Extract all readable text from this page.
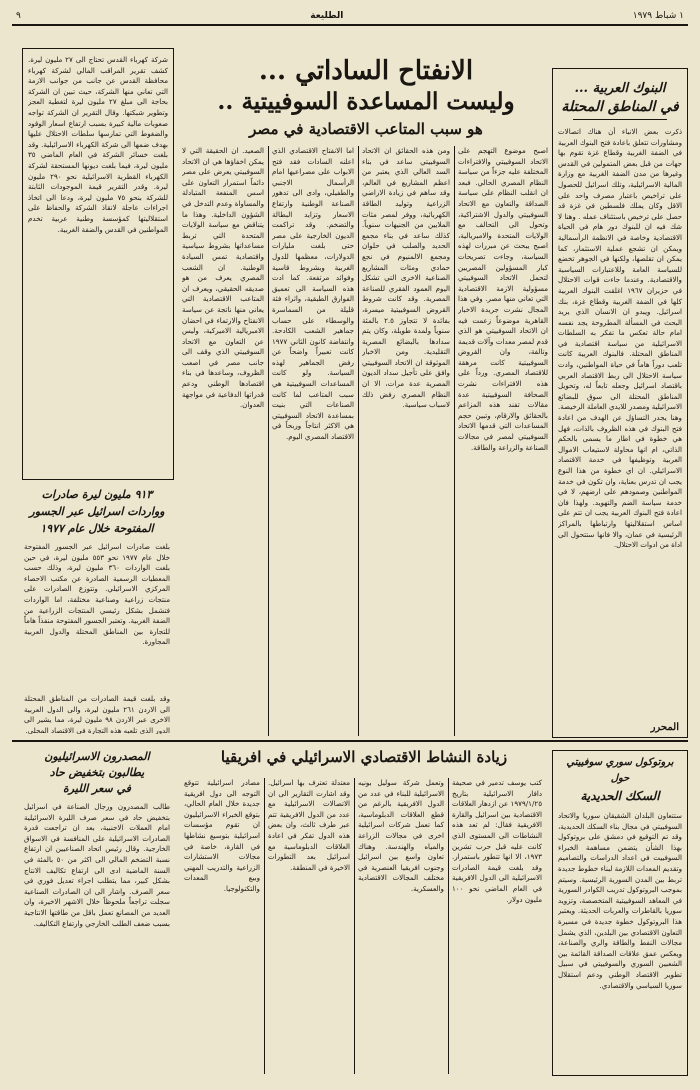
١ شباط ١٩٧٩
الطليعة
٩
البنوك العربية ...
في المناطق المحتلة
ذكرت بعض الانباء أن هناك اتصالات ومشاورات تتعلق باعادة فتح البنوك العربية في الضفة الغربية وقطاع غزة تقوم بها جهات من قبل بعض المتمولين في القدس وغيرها من مدن الضفة الغربية مع وزارة المالية الاسرائيلية، وتلك اسرائيل للحصول على تراخيص باعتبار مصرف واحد على الاقل وكان يملك فلسطين في غزة قد حصل على ترخيص باستئناف عمله . وهنا لا شك فيه ان للبنوك دور هام في الحياة الاقتصادية وخاصة في الانظمة الرأسمالية ويمكن ان تشجع عملية الاستثمار، كما يمكن ان تقلصها، ولكنها في الجوهر تخضع للسياسة العامة وللاعتبارات السياسية والاقتصادية. وعندما جاءت قوات الاحتلال في حزيران ١٩٦٧ اغلقت البنوك العربية كلها في الضفة الغربية وقطاع غزة، بنك اسرائيل. ويبدو ان الانسان الذي يريد البحث في المسألة المطروحة يجد نفسه امام حالة تعكس ما تفكر به السلطات الاسرائيلية من سياسة اقتصادية في المناطق المحتلة. فالبنوك العربية كانت تلعب دوراً هاماً في حياة المواطنين، وادت سياسة الاحتلال الى ربط الاقتصاد العربي باقتصاد اسرائيل وجعله تابعاً له، وتحويل المناطق المحتلة الى سوق للبضائع الاسرائيلية ومصدر للايدي العاملة الرخيصة. وهنا يجدر التساؤل عن الهدف من اعادة فتح البنوك في هذه الظروف بالذات، فهل هي خطوة في اطار ما يسمى بالحكم الذاتي، ام انها محاولة لاستيعاب الاموال العربية وتوظيفها في خدمة الاقتصاد الاسرائيلي. ان اي خطوة من هذا النوع يجب ان تدرس بعناية، وان تكون في خدمة المواطنين وصمودهم على ارضهم، لا في خدمة سياسة الضم والتهويد. ولهذا فان اعادة فتح البنوك العربية يجب ان تتم على اساس استقلاليتها وارتباطها بالمراكز الرئيسية في عمان، والا فانها ستتحول الى اداة من ادوات الاحتلال.
المحرر
الانفتاح الساداتي ...
وليست المساعدة السوفييتية ..
هو سبب المتاعب الاقتصادية في مصر
اصبح موضوع التهجم على الاتحاد السوفييتي والافتراءات المختلفة عليه جزءاً من سياسة النظام المصري الحالي. فبعد ان انقلب النظام على سياسة الصداقة والتعاون مع الاتحاد السوفييتي والدول الاشتراكية، وتحول الى التحالف مع الولايات المتحدة والامبريالية، اصبح يبحث عن مبررات لهذه السياسة، وجاءت تصريحات كبار المسؤولين المصريين لتحمل الاتحاد السوفييتي مسؤولية الازمة الاقتصادية التي تعاني منها مصر. وفي هذا المجال نشرت جريدة الاخبار القاهرية موضوعاً زعمت فيه ان الاتحاد السوفييتي هو الذي قدم لمصر معدات وآلات قديمة وتالفة، وان القروض السوفييتية كانت مرهقة للاقتصاد المصري. ورداً على هذه الافتراءات نشرت الصحافة السوفييتية عدة مقالات تفند هذه المزاعم بالحقائق والارقام، وتبين حجم المساعدات التي قدمها الاتحاد السوفييتي لمصر في مجالات الصناعة والزراعة والطاقة.
ومن هذه الحقائق ان الاتحاد السوفييتي ساعد في بناء السد العالي الذي يعتبر من اعظم المشاريع في العالم، وقد ساهم في زيادة الاراضي الزراعية وتوليد الطاقة الكهربائية، ووفر لمصر مئات الملايين من الجنيهات سنوياً. كذلك ساعد في بناء مجمع الحديد والصلب في حلوان ومجمع الالمنيوم في نجع حمادي ومئات المشاريع الصناعية الاخرى التي تشكل اليوم العمود الفقري للصناعة المصرية. وقد كانت شروط القروض السوفييتية ميسرة، بفائدة لا تتجاوز ٢.٥ بالمئة سنوياً ولمدة طويلة، وكان يتم سدادها بالبضائع المصرية التقليدية. ومن الاخبار الموثوقة ان الاتحاد السوفييتي وافق على تأجيل سداد الديون المصرية عدة مرات، الا ان النظام المصري رفض ذلك لاسباب سياسية.
اما الانفتاح الاقتصادي الذي اعلنه السادات فقد فتح الابواب على مصراعيها امام الرأسمال الاجنبي والطفيلي، وادى الى تدهور الصناعة الوطنية وارتفاع الاسعار وتزايد البطالة والتضخم. وقد تراكمت الديون الخارجية على مصر حتى بلغت مليارات الدولارات، معظمها للدول الغربية وبشروط قاسية وفوائد مرتفعة. كما ادت هذه السياسة الى تعميق الفوارق الطبقية، واثراء فئة قليلة من السماسرة والوسطاء على حساب جماهير الشعب الكادحة. وانتفاضة كانون الثاني ١٩٧٧ كانت تعبيراً واضحاً عن رفض الجماهير لهذه السياسة. ولو كانت المساعدات السوفييتية هي سبب المتاعب لما كانت الصناعات التي بنيت بمساعدة الاتحاد السوفييتي هي الاكثر انتاجاً وربحاً في الاقتصاد المصري اليوم.
الصعيد. ان الحقيقة التي لا يمكن اخفاؤها هي ان الاتحاد السوفييتي يعرض على مصر دائماً استمرار التعاون على اسس المنفعة المتبادلة والمساواة وعدم التدخل في الشؤون الداخلية. وهذا ما يتناقض مع سياسة الولايات المتحدة التي تربط مساعداتها بشروط سياسية واقتصادية تمس السيادة الوطنية. ان الشعب المصري يعرف من هو صديقه الحقيقي، ويعرف ان المتاعب الاقتصادية التي يعاني منها ناتجة عن سياسة الانفتاح والارتماء في احضان الامبريالية الاميركية، وليس عن التعاون مع الاتحاد السوفييتي الذي وقف الى جانب مصر في اصعب الظروف، وساعدها في بناء اقتصادها الوطني ودعم قدراتها الدفاعية في مواجهة العدوان.
شركة كهرباء القدس تحتاج الى ٢٧ مليون ليرة. كشف تقرير المراقب المالي لشركة كهرباء محافظة القدس عن جانب من جوانب الازمة التي تعاني منها الشركة، حيث تبين ان الشركة بحاجة الى مبلغ ٢٧ مليون ليرة لتغطية العجز وتطوير شبكتها. وقال التقرير ان الشركة تواجه صعوبات مالية كبيرة بسبب ارتفاع اسعار الوقود والضغوط التي تمارسها سلطات الاحتلال عليها بهدف ضمها الى شركة الكهرباء الاسرائيلية. وقد بلغت خسائر الشركة في العام الماضي ٣٥ مليون ليرة، فيما بلغت ديونها المستحقة لشركة الكهرباء القطرية الاسرائيلية نحو ٢٩٠ مليون ليرة. وقدر التقرير قيمة الموجودات الثابتة للشركة بنحو ٧٥ مليون ليرة، ودعا الى اتخاذ اجراءات عاجلة لانقاذ الشركة والحفاظ على استقلاليتها كمؤسسة وطنية عربية تخدم المواطنين في القدس والضفة الغربية.
٩١٣ مليون ليرة صادرات
وواردات اسرائيل عبر الجسور
المفتوحة خلال عام ١٩٧٧
بلغت صادرات اسرائيل عبر الجسور المفتوحة خلال عام ١٩٧٧ نحو ٥٥٣ مليون ليرة، في حين بلغت الواردات ٣٦٠ مليون ليرة، وذلك حسب المعطيات الرسمية الصادرة عن مكتب الاحصاء المركزي الاسرائيلي. وتتوزع الصادرات على منتجات زراعية وصناعية مختلفة، اما الواردات فتشمل بشكل رئيسي المنتجات الزراعية من الضفة الغربية. وتعتبر الجسور المفتوحة منفذاً هاماً للتجارة بين المناطق المحتلة والدول العربية المجاورة.
وقد بلغت قيمة الصادرات من المناطق المحتلة الى الاردن ٢٦١ مليون ليرة، والى الدول العربية الاخرى عبر الاردن ٩٨ مليون ليرة، مما يشير الى الدور الذي تلعبه هذه التجارة في الاقتصاد المحلي.
زيادة النشاط الاقتصادي الاسرائيلي في افريقيا
كتب يوسف تدمير في صحيفة دافار الاسرائيلية بتاريخ ١٩٧٩/١/٢٥ عن ازدهار العلاقات الاقتصادية بين اسرائيل والقارة الافريقية فقال: لم تعد هذه النشاطات الى المستوى الذي كانت عليه قبل حرب تشرين ١٩٧٣، الا انها تتطور باستمرار. وقد بلغت قيمة الصادرات الاسرائيلية الى الدول الافريقية في العام الماضي نحو ١٠٠ مليون دولار.
وتعمل شركة سوليل بونيه الاسرائيلية للبناء في عدد من الدول الافريقية بالرغم من قطع العلاقات الدبلوماسية، كما تعمل شركات اسرائيلية اخرى في مجالات الزراعة والمياه والهندسة. وهناك تعاون واسع بين اسرائيل وجنوب افريقيا العنصرية في مختلف المجالات الاقتصادية والعسكرية.
معتدلة تعترف بها اسرائيل. وقد اشارت التقارير الى ان الاتصالات الاسرائيلية مع عدد من الدول الافريقية تتم عبر طرف ثالث، وان بعض هذه الدول تفكر في اعادة العلاقات الدبلوماسية مع اسرائيل بعد التطورات الاخيرة في المنطقة.
مصادر اسرائيلية تتوقع التوجه الى دول افريقية جديدة خلال العام الحالي، بتوقع الخبراء الاسرائيليون ان تقوم مؤسسات اسرائيلية بتوسيع نشاطها في القارة، خاصة في مجالات الاستشارات الزراعية والتدريب المهني وبيع المعدات والتكنولوجيا.
المصدرون الاسرائيليون
يطالبون بتخفيض حاد
في سعر الليرة
طالب المصدرون ورجال الصناعة في اسرائيل بتخفيض حاد في سعر صرف الليرة الاسرائيلية امام العملات الاجنبية، بعد ان تراجعت قدرة الصادرات الاسرائيلية على المنافسة في الاسواق الخارجية. وقال رئيس اتحاد الصناعيين ان ارتفاع نسبة التضخم المالي الى اكثر من ٥٠ بالمئة في السنة الماضية ادى الى ارتفاع تكاليف الانتاج بشكل كبير، مما يتطلب اجراء تعديل فوري في سعر الصرف. واشار الى ان الصادرات الصناعية سجلت تراجعاً ملحوظاً خلال الاشهر الاخيرة، وان العديد من المصانع تعمل باقل من طاقتها الانتاجية بسبب ضعف الطلب الخارجي وارتفاع التكاليف.
بروتوكول سوري سوفييتي
حول
السكك الحديدية
ستتعاون البلدان الشقيقان سوريا والاتحاد السوفييتي في مجال بناء السكك الحديدية، وقد تم التوقيع في دمشق على بروتوكول بهذا الشأن يتضمن مساهمة الخبراء السوفييت في اعداد الدراسات والتصاميم وتقديم المعدات اللازمة لبناء خطوط جديدة تربط بين المدن السورية الرئيسية. وسيتم بموجب البروتوكول تدريب الكوادر السورية في المعاهد السوفييتية المتخصصة، وتزويد سوريا بالقاطرات والعربات الحديثة. ويعتبر هذا البروتوكول خطوة جديدة في مسيرة التعاون الاقتصادي بين البلدين، الذي يشمل مجالات النفط والطاقة والري والصناعة، ويعكس عمق علاقات الصداقة القائمة بين الشعبين السوري والسوفييتي في سبيل تطوير الاقتصاد الوطني ودعم استقلال سوريا السياسي والاقتصادي.
